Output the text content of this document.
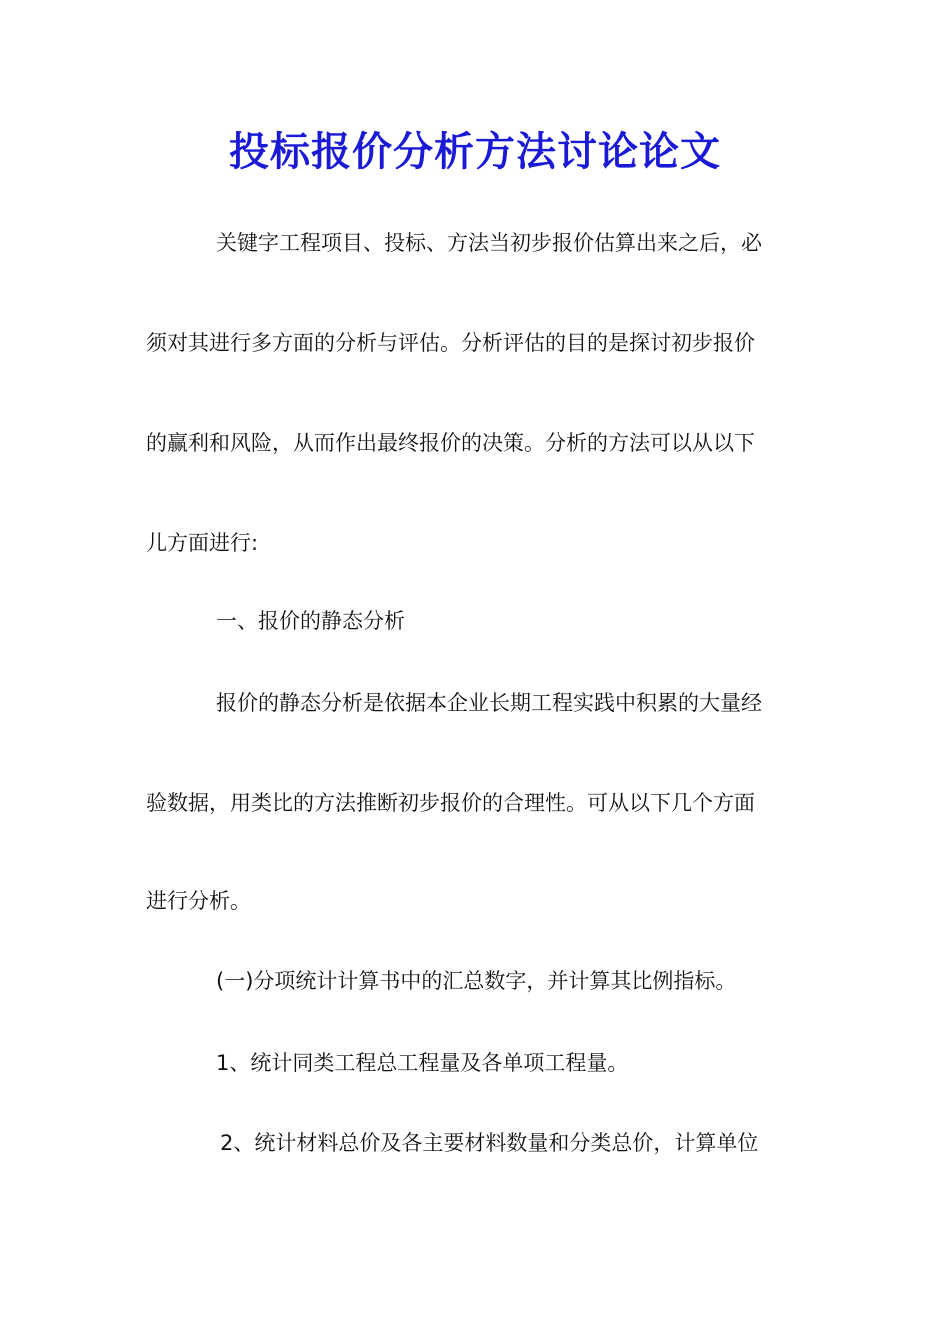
投标报价分析方法讨论论文

关键字工程项目、投标、方法当初步报价估算出来之后，必

须对其进行多方面的分析与评估。分析评估的目的是探讨初步报价

的赢利和风险，从而作出最终报价的决策。分析的方法可以从以下

儿方面进行:

一、报价的静态分析

报价的静态分析是依据本企业长期工程实践中积累的大量经

验数据，用类比的方法推断初步报价的合理性。可从以下几个方面

进行分析。

(一)分项统计计算书中的汇总数字，并计算其比例指标。

1、统计同类工程总工程量及各单项工程量。

2、统计材料总价及各主要材料数量和分类总价，计算单位
